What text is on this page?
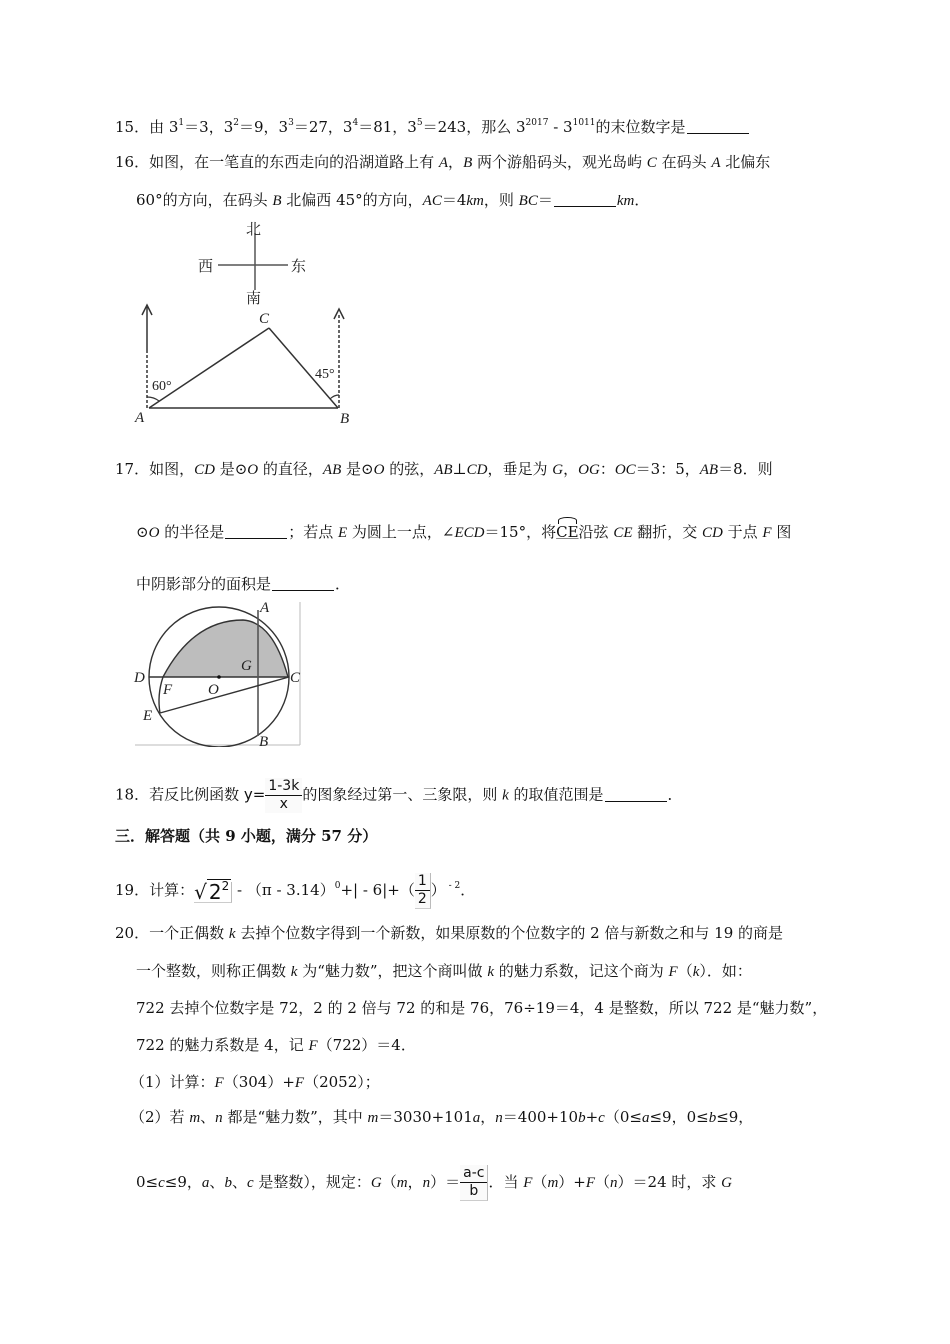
15．由 $3^1=3$，$3^2=9$，$3^3=27$，$3^4=81$，$3^5=243$，那么 $3^{2017} - 3^{1011}$的末位数字是
16．如图，在一笔直的东西走向的沿湖道路上有 A，B 两个游船码头，观光岛屿 C 在码头 A 北偏东
60°的方向，在码头 B 北偏西 45°的方向，AC＝4km，则 BC＝	km．
北
南
西	东
60°
45°
A	B
C
17．如图，CD 是⊙O 的直径，AB 是⊙O 的弦，AB⊥CD，垂足为 G，OG：OC＝3：5，AB＝8．则
⊙O 的半径是	；若点 E 为圆上一点，∠ECD＝15°，将CE沿弦 CE 翻折，交 CD 于点 F 图
中阴影部分的面积是	．
A
B
C
D
E
F
G
O
18．若反比例函数 $y= \frac{1-3k}{x}$ 的图象经过第一、三象限，则 k 的取值范围是	．
三．解答题（共 9 小题，满分 57 分）
19．计算：√ $2^2 - (\pi - 3.14)^0+| - 6|+( \frac{1}{2}$ ） $^{- 2}$．
20．一个正偶数 k 去掉个位数字得到一个新数，如果原数的个位数字的 2 倍与新数之和与 19 的商是
一个整数，则称正偶数 k 为“魅力数”，把这个商叫做 k 的魅力系数，记这个商为 F（k）．如：
722 去掉个位数字是 72，2 的 2 倍与 72 的和是 76，76÷19＝4，4 是整数，所以 722 是“魅力数”，
722 的魅力系数是 4，记 F（722）＝4．
（1）计算：F（304）+F（2052）；
（2）若 m、n 都是“魅力数”，其中 m＝3030+101a，n＝400+10b+c（0≤a≤9，0≤b≤9，
0≤c≤9，a、b、c 是整数），规定：G（m，$n)= \frac{a-c}{b}$ ．当 F（m）+F（n）＝24 时，求 G
